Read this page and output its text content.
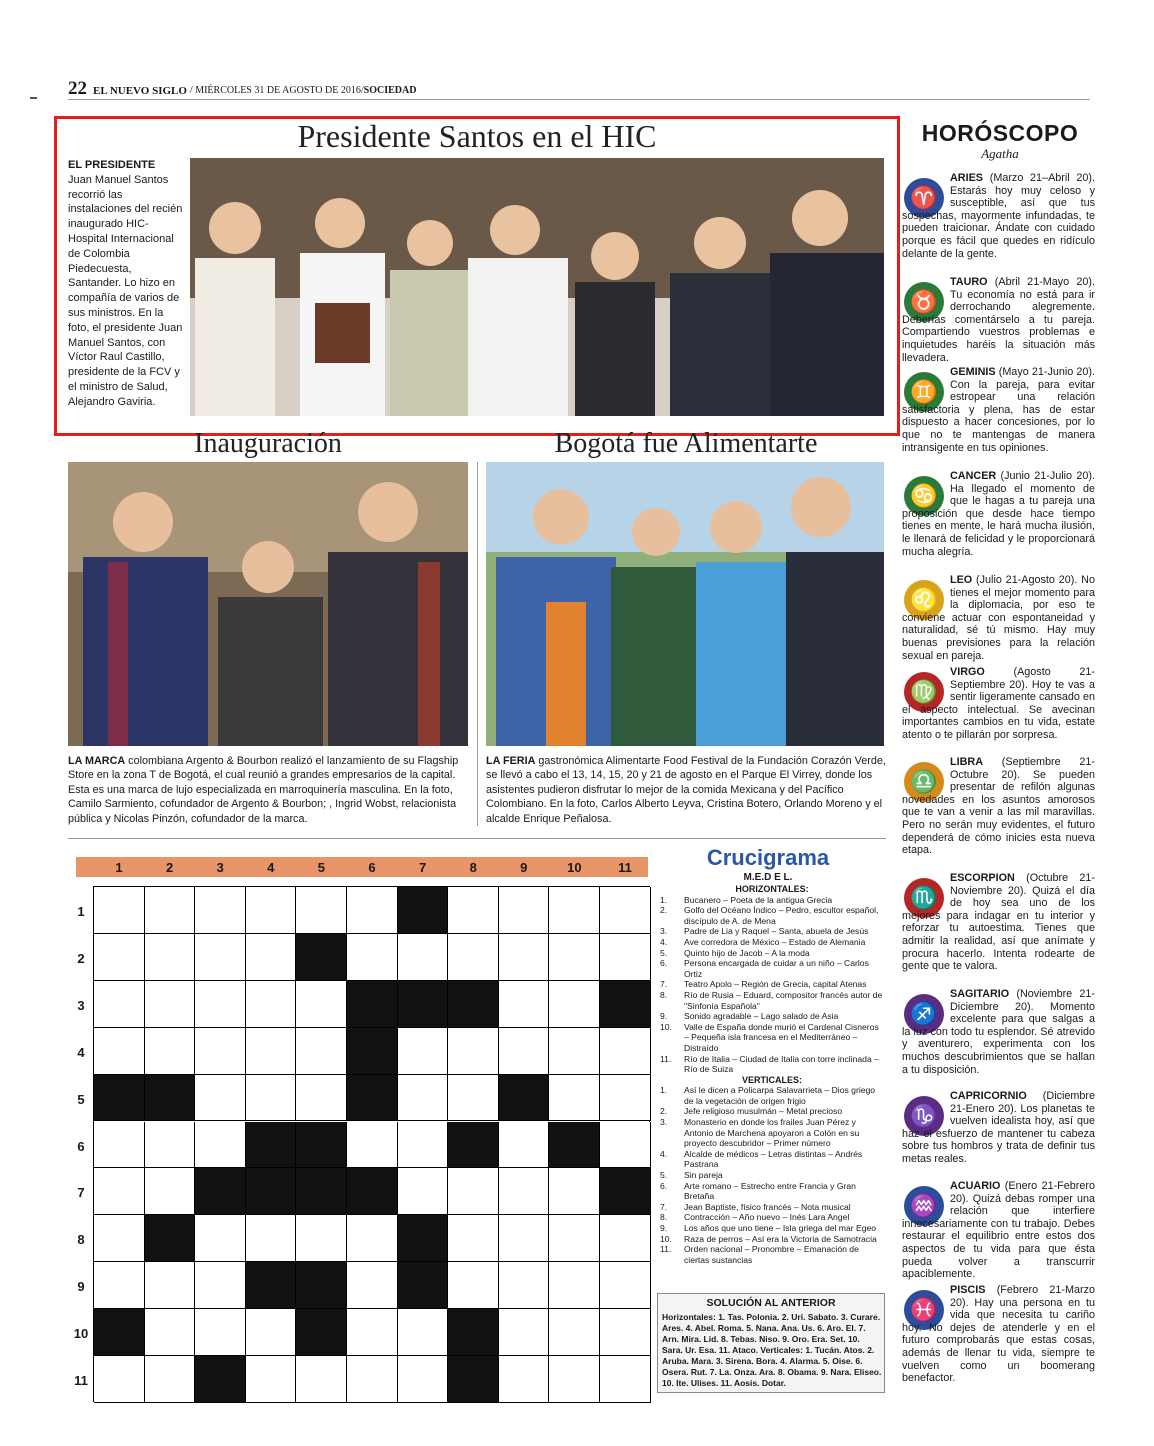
22 EL NUEVO SIGLO / MIÉRCOLES 31 DE AGOSTO DE 2016/ SOCIEDAD
Presidente Santos en el HIC
EL PRESIDENTE
Juan Manuel Santos recorrió las instalaciones del recién inaugurado HIC-Hospital Internacional de Colombia Piedecuesta, Santander. Lo hizo en compañía de varios de sus ministros. En la foto, el presidente Juan Manuel Santos, con Víctor Raul Castillo, presidente de la FCV y el ministro de Salud, Alejandro Gaviria.
Inauguración	Bogotá fue Alimentarte
LA MARCA colombiana Argento & Bourbon realizó el lanzamiento de su Flagship Store en la zona T de Bogotá, el cual reunió a grandes empresarios de la capital. Esta es una marca de lujo especializada en marroquinería masculina. En la foto, Camilo Sarmiento, cofundador de Argento & Bourbon; , Ingrid Wobst, relacionista pública y Nicolas Pinzón, cofundador de la marca.
LA FERIA gastronómica Alimentarte Food Festival de la Fundación Corazón Verde, se llevó a cabo el 13, 14, 15, 20 y 21 de agosto en el Parque El Virrey, donde los asistentes pudieron disfrutar lo mejor de la comida Mexicana y del Pacífico Colombiano. En la foto, Carlos Alberto Leyva, Cristina Botero, Orlando Moreno y el alcalde Enrique Peñalosa.
1	2	3	4	5	6	7	8	9	10	11
1
2
3
4
5
6
7
8
9
10
11
Crucigrama
M.E.D E L.
HORIZONTALES:
1.	Bucanero – Poeta de la antigua Grecia
2.	Golfo del Océano Índico – Pedro, escultor español, discípulo de A. de Mena
3.	Padre de Lia y Raquel – Santa, abuela de Jesús
4.	Ave corredora de México – Estado de Alemania
5.	Quinto hijo de Jacob – A la moda
6.	Persona encargada de cuidar a un niño – Carlos Ortiz
7.	Teatro Apolo – Región de Grecia, capital Atenas
8.	Río de Rusia – Eduard, compositor francés autor de "Sinfonía Española"
9.	Sonido agradable – Lago salado de Asia
10.	Valle de España donde murió el Cardenal Cisneros – Pequeña isla francesa en el Mediterráneo – Distraído
11.	Río de Italia – Ciudad de Italia con torre inclinada – Río de Suiza
VERTICALES:
1.	Así le dicen a Policarpa Salavarrieta – Dios griego de la vegetación de origen frigio
2.	Jefe religioso musulmán – Metal precioso
3.	Monasterio en donde los frailes Juan Pérez y Antonio de Marchena apoyaron a Colón en su proyecto descubridor – Primer número
4.	Alcalde de médicos – Letras distintas – Andrés Pastrana
5.	Sin pareja
6.	Arte romano – Estrecho entre Francia y Gran Bretaña
7.	Jean Baptiste, físico francés – Nota musical
8.	Contracción – Año nuevo – Inés Lara Angel
9.	Los años que uno tiene – Isla griega del mar Egeo
10.	Raza de perros – Así era la Victoria de Samotracia
11.	Orden nacional – Pronombre – Emanación de ciertas sustancias
SOLUCIÓN AL ANTERIOR
Horizontales: 1. Tas. Polonia. 2. Uri. Sabato. 3. Curare. Ares. 4. Abel. Roma. 5. Nana. Ana. Us. 6. Aro. El. 7. Arn. Mira. Lid. 8. Tebas. Niso. 9. Oro. Era. Set. 10. Sara. Ur. Esa. 11. Ataco. Verticales: 1. Tucán. Atos. 2. Aruba. Mara. 3. Sirena. Bora. 4. Alarma. 5. Oise. 6. Osera. Rut. 7. La. Onza. Ara. 8. Obama. 9. Nara. Eliseo. 10. Ite. Ulises. 11. Aosis. Dotar.
HORÓSCOPO
Agatha
♈
ARIES (Marzo 21–Abril 20). Estarás hoy muy celoso y susceptible, así que tus sospechas, mayormente infundadas, te pueden traicionar. Ándate con cuidado porque es fácil que quedes en ridículo delante de la gente.
♉
TAURO (Abril 21-Mayo 20). Tu economía no está para ir derrochando alegremente. Deberías comentárselo a tu pareja. Compartiendo vuestros problemas e inquietudes haréis la situación más llevadera.
♊
GEMINIS (Mayo 21-Junio 20). Con la pareja, para evitar estropear una relación satisfactoria y plena, has de estar dispuesto a hacer concesiones, por lo que no te mantengas de manera intransigente en tus opiniones.
♋
CANCER (Junio 21-Julio 20). Ha llegado el momento de que le hagas a tu pareja una proposición que desde hace tiempo tienes en mente, le hará mucha ilusión, le llenará de felicidad y le proporcionará mucha alegría.
♌
LEO (Julio 21-Agosto 20). No tienes el mejor momento para la diplomacia, por eso te conviene actuar con espontaneidad y naturalidad, sé tú mismo. Hay muy buenas previsiones para la relación sexual en pareja.
♍
VIRGO (Agosto 21-Septiembre 20). Hoy te vas a sentir ligeramente cansado en el aspecto intelectual. Se avecinan importantes cambios en tu vida, estate atento o te pillarán por sorpresa.
♎
LIBRA (Septiembre 21-Octubre 20). Se pueden presentar de refilón algunas novedades en los asuntos amorosos que te van a venir a las mil maravillas. Pero no serán muy evidentes, el futuro dependerá de cómo inicies esta nueva etapa.
♏
ESCORPION (Octubre 21-Noviembre 20). Quizá el día de hoy sea uno de los mejores para indagar en tu interior y reforzar tu autoestima. Tienes que admitir la realidad, así que anímate y procura hacerlo. Intenta rodearte de gente que te valora.
♐
SAGITARIO (Noviembre 21-Diciembre 20). Momento excelente para que salgas a la luz con todo tu esplendor. Sé atrevido y aventurero, experimenta con los muchos descubrimientos que se hallan a tu disposición.
♑
CAPRICORNIO (Diciembre 21-Enero 20). Los planetas te vuelven idealista hoy, así que haz el esfuerzo de mantener tu cabeza sobre tus hombros y trata de definir tus metas reales.
♒
ACUARIO (Enero 21-Febrero 20). Quizá debas romper una relación que interfiere innecesariamente con tu trabajo. Debes restaurar el equilibrio entre estos dos aspectos de tu vida para que ésta pueda volver a transcurrir apaciblemente.
♓
PISCIS (Febrero 21-Marzo 20). Hay una persona en tu vida que necesita tu cariño hoy. No dejes de atenderle y en el futuro comprobarás que estas cosas, además de llenar tu vida, siempre te vuelven como un boomerang benefactor.
